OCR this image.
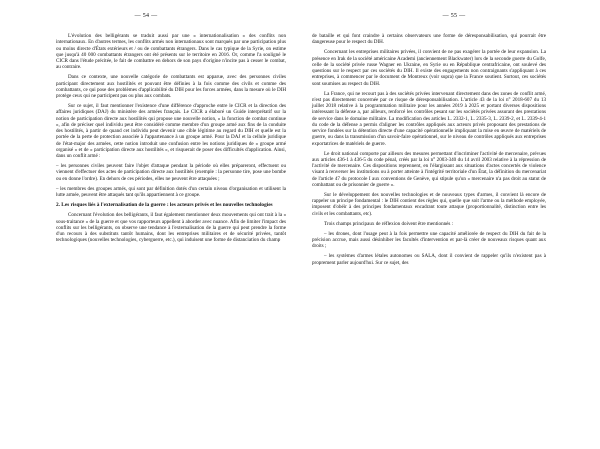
— 54 —

L'évolution des belligérants se traduit aussi par une « internationalisation » des conflits non internationaux. En d'autres termes, les conflits armés non internationaux sont marqués par une participation plus ou moins directe d'États extérieurs et / ou de combattants étrangers. Dans le cas typique de la Syrie, on estime que jusqu'à 40 000 combattants étrangers ont été présents sur le territoire en 2016. Or, comme l'a souligné le CICR dans l'étude précitée, le fait de combattre en dehors de son pays d'origine n'incite pas à cesser le combat, au contraire.

Dans ce contexte, une nouvelle catégorie de combattants est apparue, avec des personnes civiles participant directement aux hostilités et pouvant être définies à la fois comme des civils et comme des combattants, ce qui pose des problèmes d'applicabilité du DIH pour les forces armées, dans la mesure où le DIH protège ceux qui ne participent pas ou plus aux combats.

Sur ce sujet, il faut mentionner l'existence d'une différence d'approche entre le CICR et la direction des affaires juridiques (DAJ) du ministère des armées français. Le CICR a élaboré un Guide interprétatif sur la notion de participation directe aux hostilités qui propose une nouvelle notion, « la fonction de combat continue », afin de préciser quel individu peut être considéré comme membre d'un groupe armé aux fins de la conduite des hostilités, à partir de quand cet individu peut devenir une cible légitime au regard du DIH et quelle est la portée de la perte de protection associée à l'appartenance à un groupe armé. Pour la DAJ et la cellule juridique de l'état-major des armées, cette notion introduit une confusion entre les notions juridiques de « groupe armé organisé » et de « participation directe aux hostilités », et risquerait de poser des difficultés d'application. Ainsi, dans un conflit armé :

– les personnes civiles peuvent faire l'objet d'attaque pendant la période où elles prépareront, effectuent ou viennent d'effectuer des actes de participation directe aux hostilités (exemple : la personne tire, pose une bombe ou en donne l'ordre). En dehors de ces périodes, elles ne peuvent être attaquées ;

– les membres des groupes armés, qui sont par définition dotés d'un certain niveau d'organisation et utilisent la lutte armée, peuvent être attaqués tant qu'ils appartiennent à ce groupe.

2. Les risques liés à l'externalisation de la guerre : les acteurs privés et les nouvelles technologies

Concernant l'évolution des belligérants, il faut également mentionner deux mouvements qui ont trait à la « sous-traitance » de la guerre et que vos rapporteurs appellent à aborder avec nuance. Afin de limiter l'impact des conflits sur les belligérants, on observe une tendance à l'externalisation de la guerre qui peut prendre la forme d'un recours à des substituts tantôt humains, dont les entreprises militaires et de sécurité privées, tantôt technologiques (nouvelles technologies, cyberguerre, etc.), qui induisent une forme de distanciation du champ

— 55 —

de bataille et qui font craindre à certains observateurs une forme de déresponsabilisation, qui pourrait être dangereuse pour le respect du DIH.

Concernant les entreprises militaires privées, il convient de ne pas exagérer la portée de leur expansion. La présence en Irak de la société américaine Academi (anciennement Blackwater) lors de la seconde guerre du Golfe, celle de la société privée russe Wagner en Ukraine, en Syrie ou en République centrafricaine, ont soulevé des questions sur le respect par ces sociétés du DIH. Il existe des engagements non contraignants s'appliquant à ces entreprises, à commencer par le document de Montreux (voir supra) que la France soutient. Surtout, ces sociétés sont soumises au respect du DIH.

La France, qui ne recourt pas à des sociétés privées intervenant directement dans des zones de conflit armé, n'est pas directement concernée par ce risque de déresponsabilisation. L'article 43 de la loi n° 2018-607 du 13 juillet 2018 relative à la programmation militaire pour les années 2019 à 2025 et portant diverses dispositions intéressant la défense a, par ailleurs, renforcé les contrôles pesant sur les sociétés privées assurant des prestations de service dans le domaine militaire. La modification des articles L. 2332-1, L. 2335-3, L. 2339-2, et L. 2339-4-1 du code de la défense a permis d'aligner les contrôles appliqués aux acteurs privés proposant des prestations de service fondées sur la détention directe d'une capacité opérationnelle impliquant la mise en œuvre de matériels de guerre, ou dans la transmission d'un savoir-faire opérationnel, sur le niveau de contrôles appliqués aux entreprises exportatrices de matériels de guerre.

Le droit national comporte par ailleurs des mesures permettant d'incriminer l'activité de mercenaire, prévues aux articles 436-1 à 436-5 du code pénal, créés par la loi n° 2003-340 du 14 avril 2003 relative à la répression de l'activité de mercenaire. Ces dispositions reprennent, en l'élargissant aux situations d'actes concertés de violence visant à renverser les institutions ou à porter atteinte à l'intégrité territoriale d'un État, la définition du mercenariat de l'article 47 du protocole I aux conventions de Genève, qui stipule qu'un « mercenaire n'a pas droit au statut de combattant ou de prisonnier de guerre ».

Sur le développement des nouvelles technologies et de nouveaux types d'armes, il convient là encore de rappeler un principe fondamental : le DIH contient des règles qui, quelle que soit l'arme ou la méthode employée, imposent d'obéir à des principes fondamentaux encadrant toute attaque (proportionnalité, distinction entre les civils et les combattants, etc).

Trois champs principaux de réflexion doivent être mentionnés :

– les drones, dont l'usage peut à la fois permettre une capacité améliorée de respect du DIH du fait de la précision accrue, mais aussi désinhiber les facultés d'intervention et par-là créer de nouveaux risques quant aux droits ;

– les systèmes d'armes létales autonomes ou SALA, dont il convient de rappeler qu'ils n'existent pas à proprement parler aujourd'hui. Sur ce sujet, des
